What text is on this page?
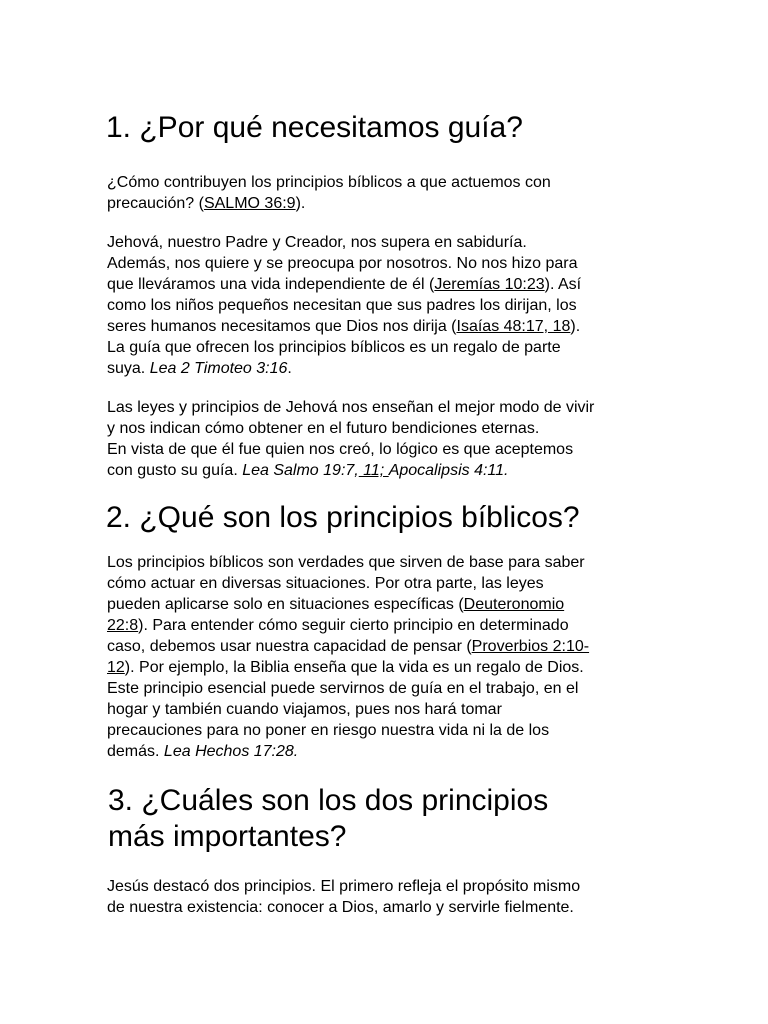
1. ¿Por qué necesitamos guía?
¿Cómo contribuyen los principios bíblicos a que actuemos con
precaución? (SALMO 36:9).
Jehová, nuestro Padre y Creador, nos supera en sabiduría.
Además, nos quiere y se preocupa por nosotros. No nos hizo para
que lleváramos una vida independiente de él (Jeremías 10:23). Así
como los niños pequeños necesitan que sus padres los dirijan, los
seres humanos necesitamos que Dios nos dirija (Isaías 48:17, 18).
La guía que ofrecen los principios bíblicos es un regalo de parte
suya. Lea 2 Timoteo 3:16.
Las leyes y principios de Jehová nos enseñan el mejor modo de vivir
y nos indican cómo obtener en el futuro bendiciones eternas.
En vista de que él fue quien nos creó, lo lógico es que aceptemos
con gusto su guía. Lea Salmo 19:7, 11; Apocalipsis 4:11.
2. ¿Qué son los principios bíblicos?
Los principios bíblicos son verdades que sirven de base para saber
cómo actuar en diversas situaciones. Por otra parte, las leyes
pueden aplicarse solo en situaciones específicas (Deuteronomio
22:8). Para entender cómo seguir cierto principio en determinado
caso, debemos usar nuestra capacidad de pensar (Proverbios 2:10-
12). Por ejemplo, la Biblia enseña que la vida es un regalo de Dios.
Este principio esencial puede servirnos de guía en el trabajo, en el
hogar y también cuando viajamos, pues nos hará tomar
precauciones para no poner en riesgo nuestra vida ni la de los
demás. Lea Hechos 17:28.
3. ¿Cuáles son los dos principios
más importantes?
Jesús destacó dos principios. El primero refleja el propósito mismo
de nuestra existencia: conocer a Dios, amarlo y servirle fielmente.
